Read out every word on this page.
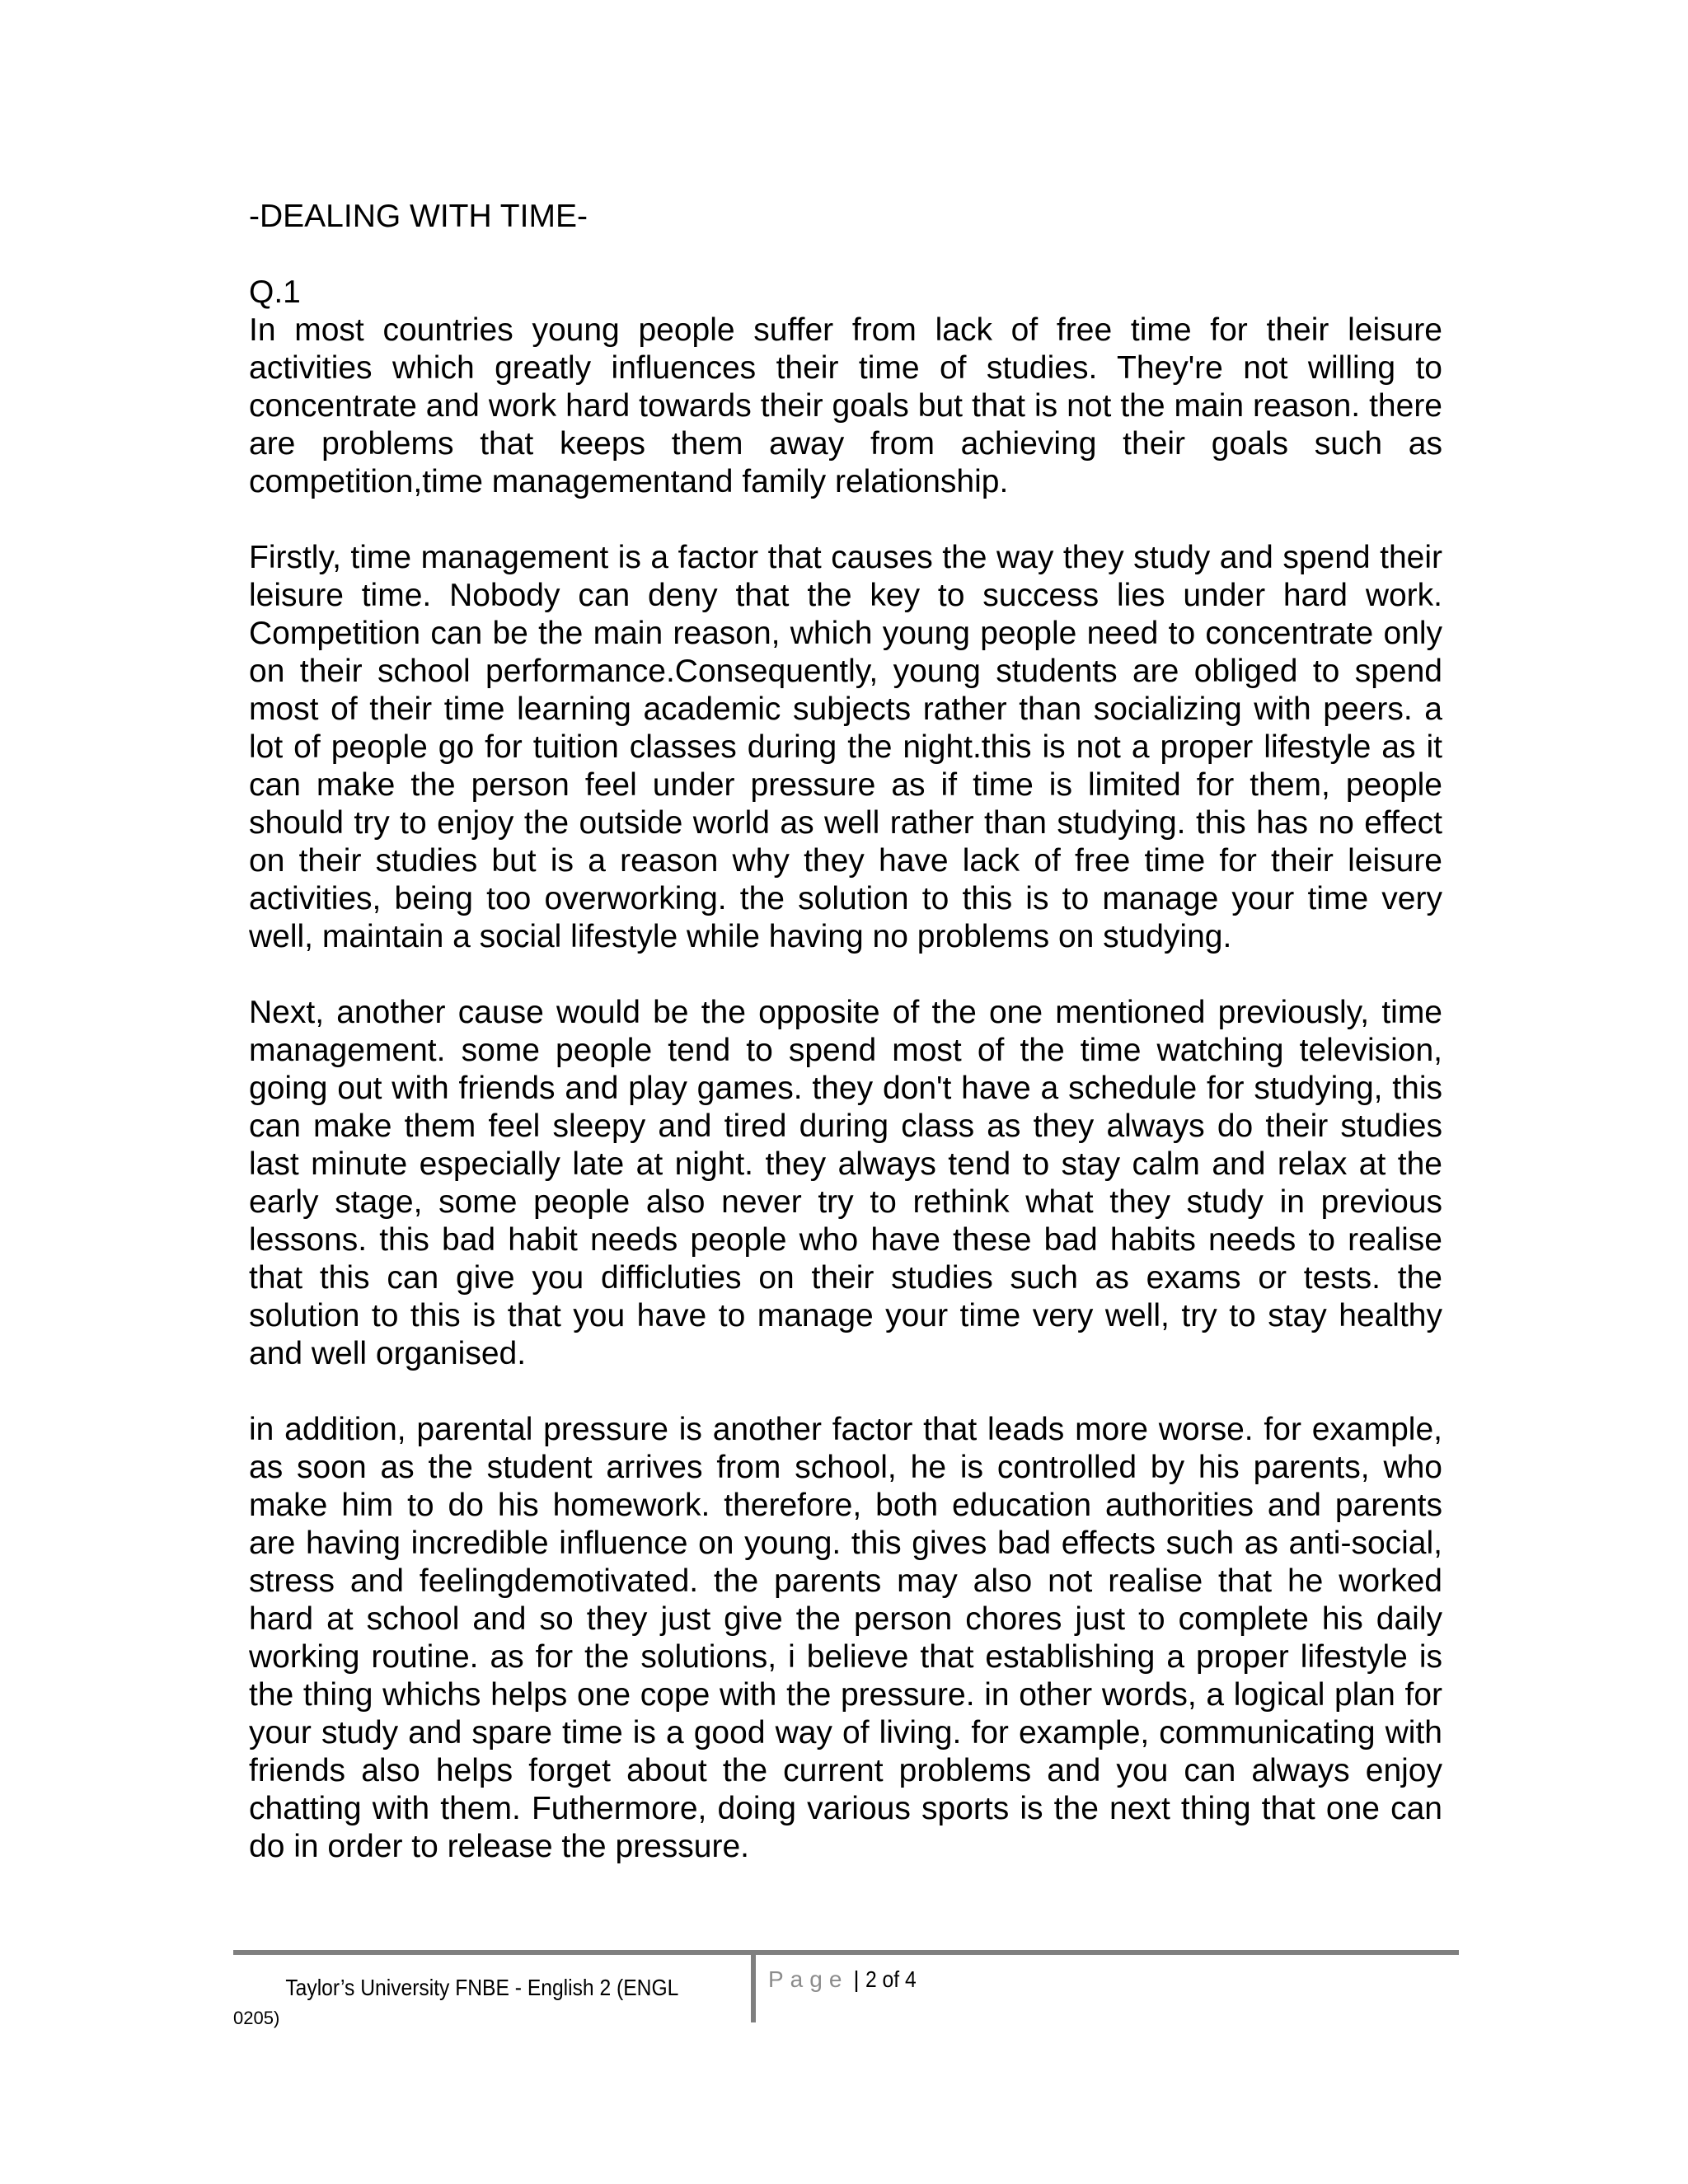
-DEALING WITH TIME-
Q.1

In most countries young people suffer from lack of free time for their leisure activities which greatly influences their time of studies. They're not willing to concentrate and work hard towards their goals but that is not the main reason. there are problems that keeps them away from achieving their goals such as competition,time managementand family relationship.

Firstly, time management is a factor that causes the way they study and spend their leisure time. Nobody can deny that the key to success lies under hard work. Competition can be the main reason, which young people need to concentrate only on their school performance.Consequently, young students are obliged to spend most of their time learning academic subjects rather than socializing with peers. a lot of people go for tuition classes during the night.this is not a proper lifestyle as it can make the person feel under pressure as if time is limited for them, people should try to enjoy the outside world as well rather than studying. this has no effect on their studies but is a reason why they have lack of free time for their leisure activities, being too overworking. the solution to this is to manage your time very well, maintain a social lifestyle while having no problems on studying.

Next, another cause would be the opposite of the one mentioned previously, time management. some people tend to spend most of the time watching television, going out with friends and play games. they don't have a schedule for studying, this can make them feel sleepy and tired during class as they always do their studies last minute especially late at night. they always tend to stay calm and relax at the early stage, some people also never try to rethink what they study in previous lessons. this bad habit needs people who have these bad habits needs to realise that this can give you difficluties on their studies such as exams or tests. the solution to this is that you have to manage your time very well, try to stay healthy and well organised.

in addition, parental pressure is another factor that leads more worse. for example, as soon as the student arrives from school, he is controlled by his parents, who make him to do his homework. therefore, both education authorities and parents are having incredible influence on young. this gives bad effects such as anti-social, stress and feelingdemotivated. the parents may also not realise that he worked hard at school and so they just give the person chores just to complete his daily working routine. as for the solutions, i believe that establishing a proper lifestyle is the thing whichs helps one cope with the pressure. in other words, a logical plan for your study and spare time is a good way of living. for example, communicating with friends also helps forget about the current problems and you can always enjoy chatting with them. Futhermore, doing various sports is the next thing that one can do in order to release the pressure.

Taylor’s University FNBE - English 2 (ENGL
0205)
Page | 2 of 4
